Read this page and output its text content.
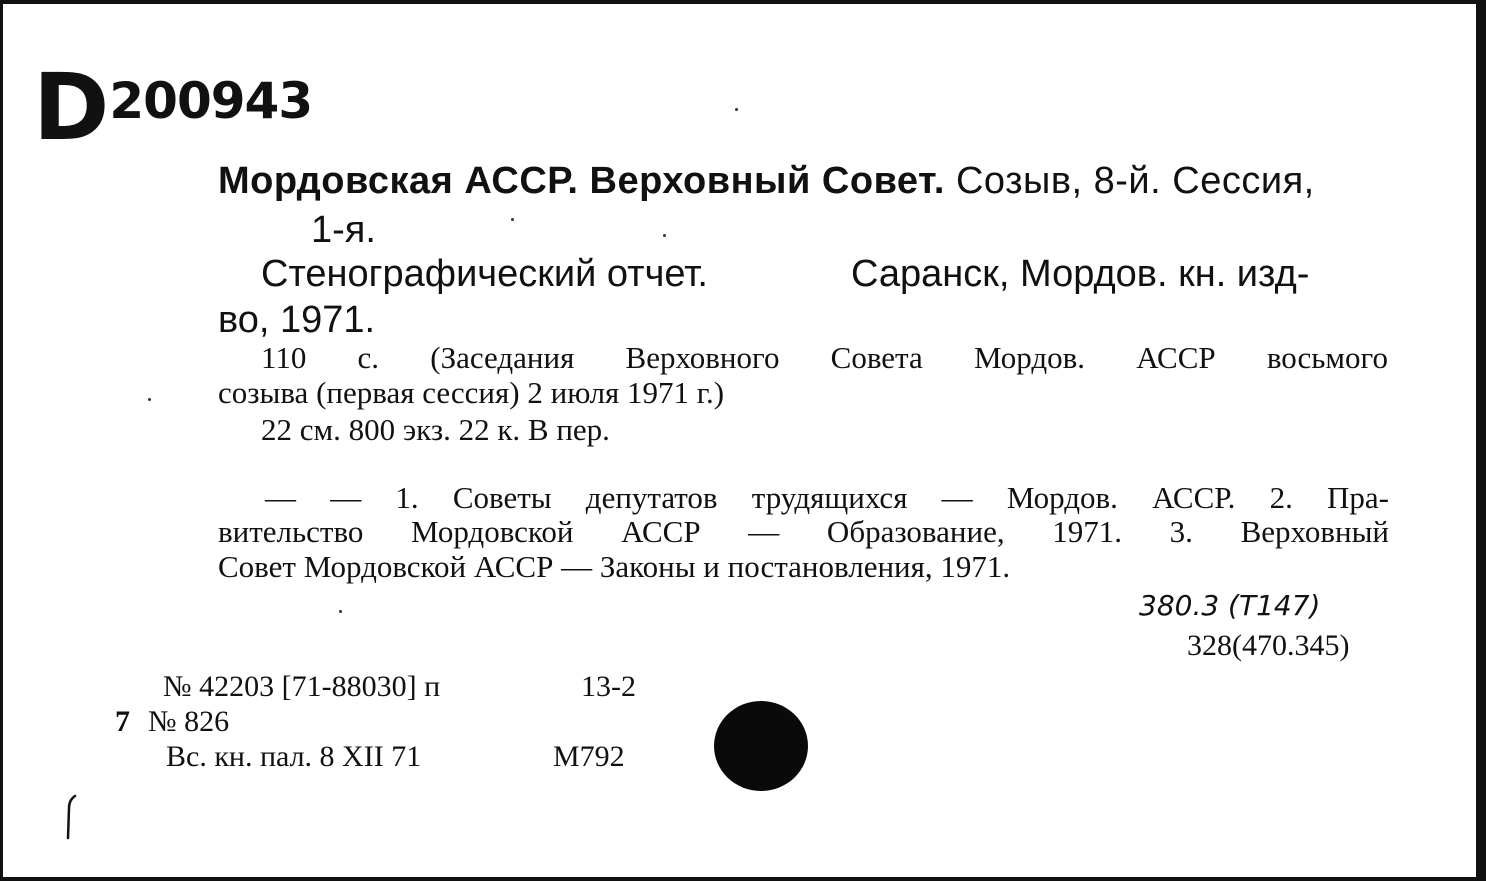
D 200943
Мордовская АССР. Верховный Совет. Созыв, 8-й. Сессия,
1-я.
Стенографический отчет.	Саранск, Мордов. кн. изд-
во, 1971.
110 с. (Заседания Верховного Совета Мордов. АССР восьмого
созыва (первая сессия) 2 июля 1971 г.)
22 см. 800 экз. 22 к. В пер.
— — 1. Советы депутатов трудящихся — Мордов. АССР. 2. Пра-
вительство Мордовской АССР — Образование, 1971. 3. Верховный
Совет Мордовской АССР — Законы и постановления, 1971.
380.3 (Т147)
328(470.345)
№ 42203 [71-88030] п	13-2
7 № 826
Вс. кн. пал. 8 XII 71	М792
